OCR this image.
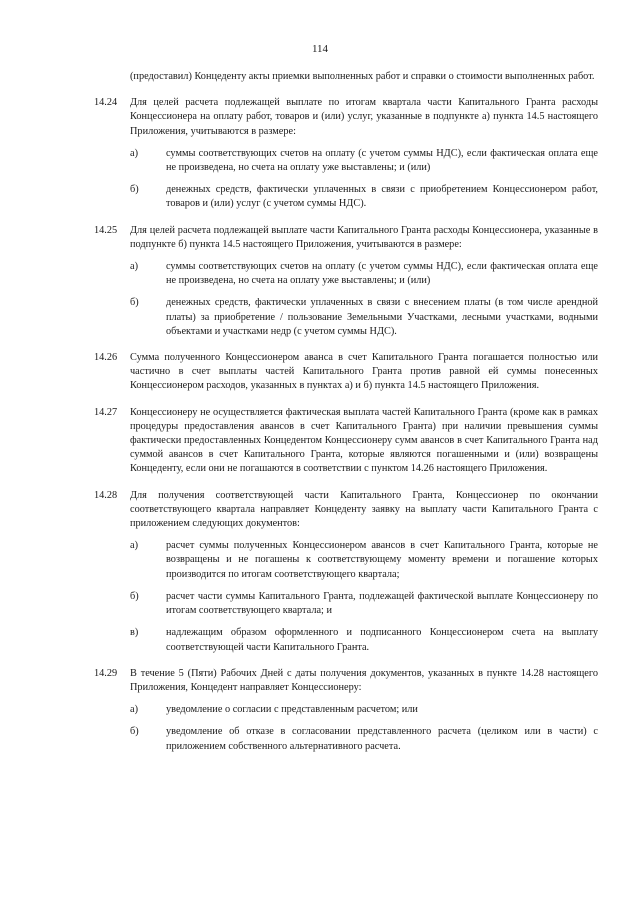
114
(предоставил) Концеденту акты приемки выполненных работ и справки о стоимости выполненных работ.
14.24 Для целей расчета подлежащей выплате по итогам квартала части Капитального Гранта расходы Концессионера на оплату работ, товаров и (или) услуг, указанные в подпункте а) пункта 14.5 настоящего Приложения, учитываются в размере:
а)	суммы соответствующих счетов на оплату (с учетом суммы НДС), если фактическая оплата еще не произведена, но счета на оплату уже выставлены; и (или)
б)	денежных средств, фактически уплаченных в связи с приобретением Концессионером работ, товаров и (или) услуг (с учетом суммы НДС).
14.25 Для целей расчета подлежащей выплате части Капитального Гранта расходы Концессионера, указанные в подпункте б) пункта 14.5 настоящего Приложения, учитываются в размере:
а)	суммы соответствующих счетов на оплату (с учетом суммы НДС), если фактическая оплата еще не произведена, но счета на оплату уже выставлены; и (или)
б)	денежных средств, фактически уплаченных в связи с внесением платы (в том числе арендной платы) за приобретение / пользование Земельными Участками, лесными участками, водными объектами и участками недр (с учетом суммы НДС).
14.26 Сумма полученного Концессионером аванса в счет Капитального Гранта погашается полностью или частично в счет выплаты частей Капитального Гранта против равной ей суммы понесенных Концессионером расходов, указанных в пунктах а) и б) пункта 14.5 настоящего Приложения.
14.27 Концессионеру не осуществляется фактическая выплата частей Капитального Гранта (кроме как в рамках процедуры предоставления авансов в счет Капитального Гранта) при наличии превышения суммы фактически предоставленных Концедентом Концессионеру сумм авансов в счет Капитального Гранта над суммой авансов в счет Капитального Гранта, которые являются погашенными и (или) возвращены Концеденту, если они не погашаются в соответствии с пунктом 14.26 настоящего Приложения.
14.28 Для получения соответствующей части Капитального Гранта, Концессионер по окончании соответствующего квартала направляет Концеденту заявку на выплату части Капитального Гранта с приложением следующих документов:
а)	расчет суммы полученных Концессионером авансов в счет Капитального Гранта, которые не возвращены и не погашены к соответствующему моменту времени и погашение которых производится по итогам соответствующего квартала;
б)	расчет части суммы Капитального Гранта, подлежащей фактической выплате Концессионеру по итогам соответствующего квартала; и
в)	надлежащим образом оформленного и подписанного Концессионером счета на выплату соответствующей части Капитального Гранта.
14.29 В течение 5 (Пяти) Рабочих Дней с даты получения документов, указанных в пункте 14.28 настоящего Приложения, Концедент направляет Концессионеру:
а)	уведомление о согласии с представленным расчетом; или
б)	уведомление об отказе в согласовании представленного расчета (целиком или в части) с приложением собственного альтернативного расчета.
